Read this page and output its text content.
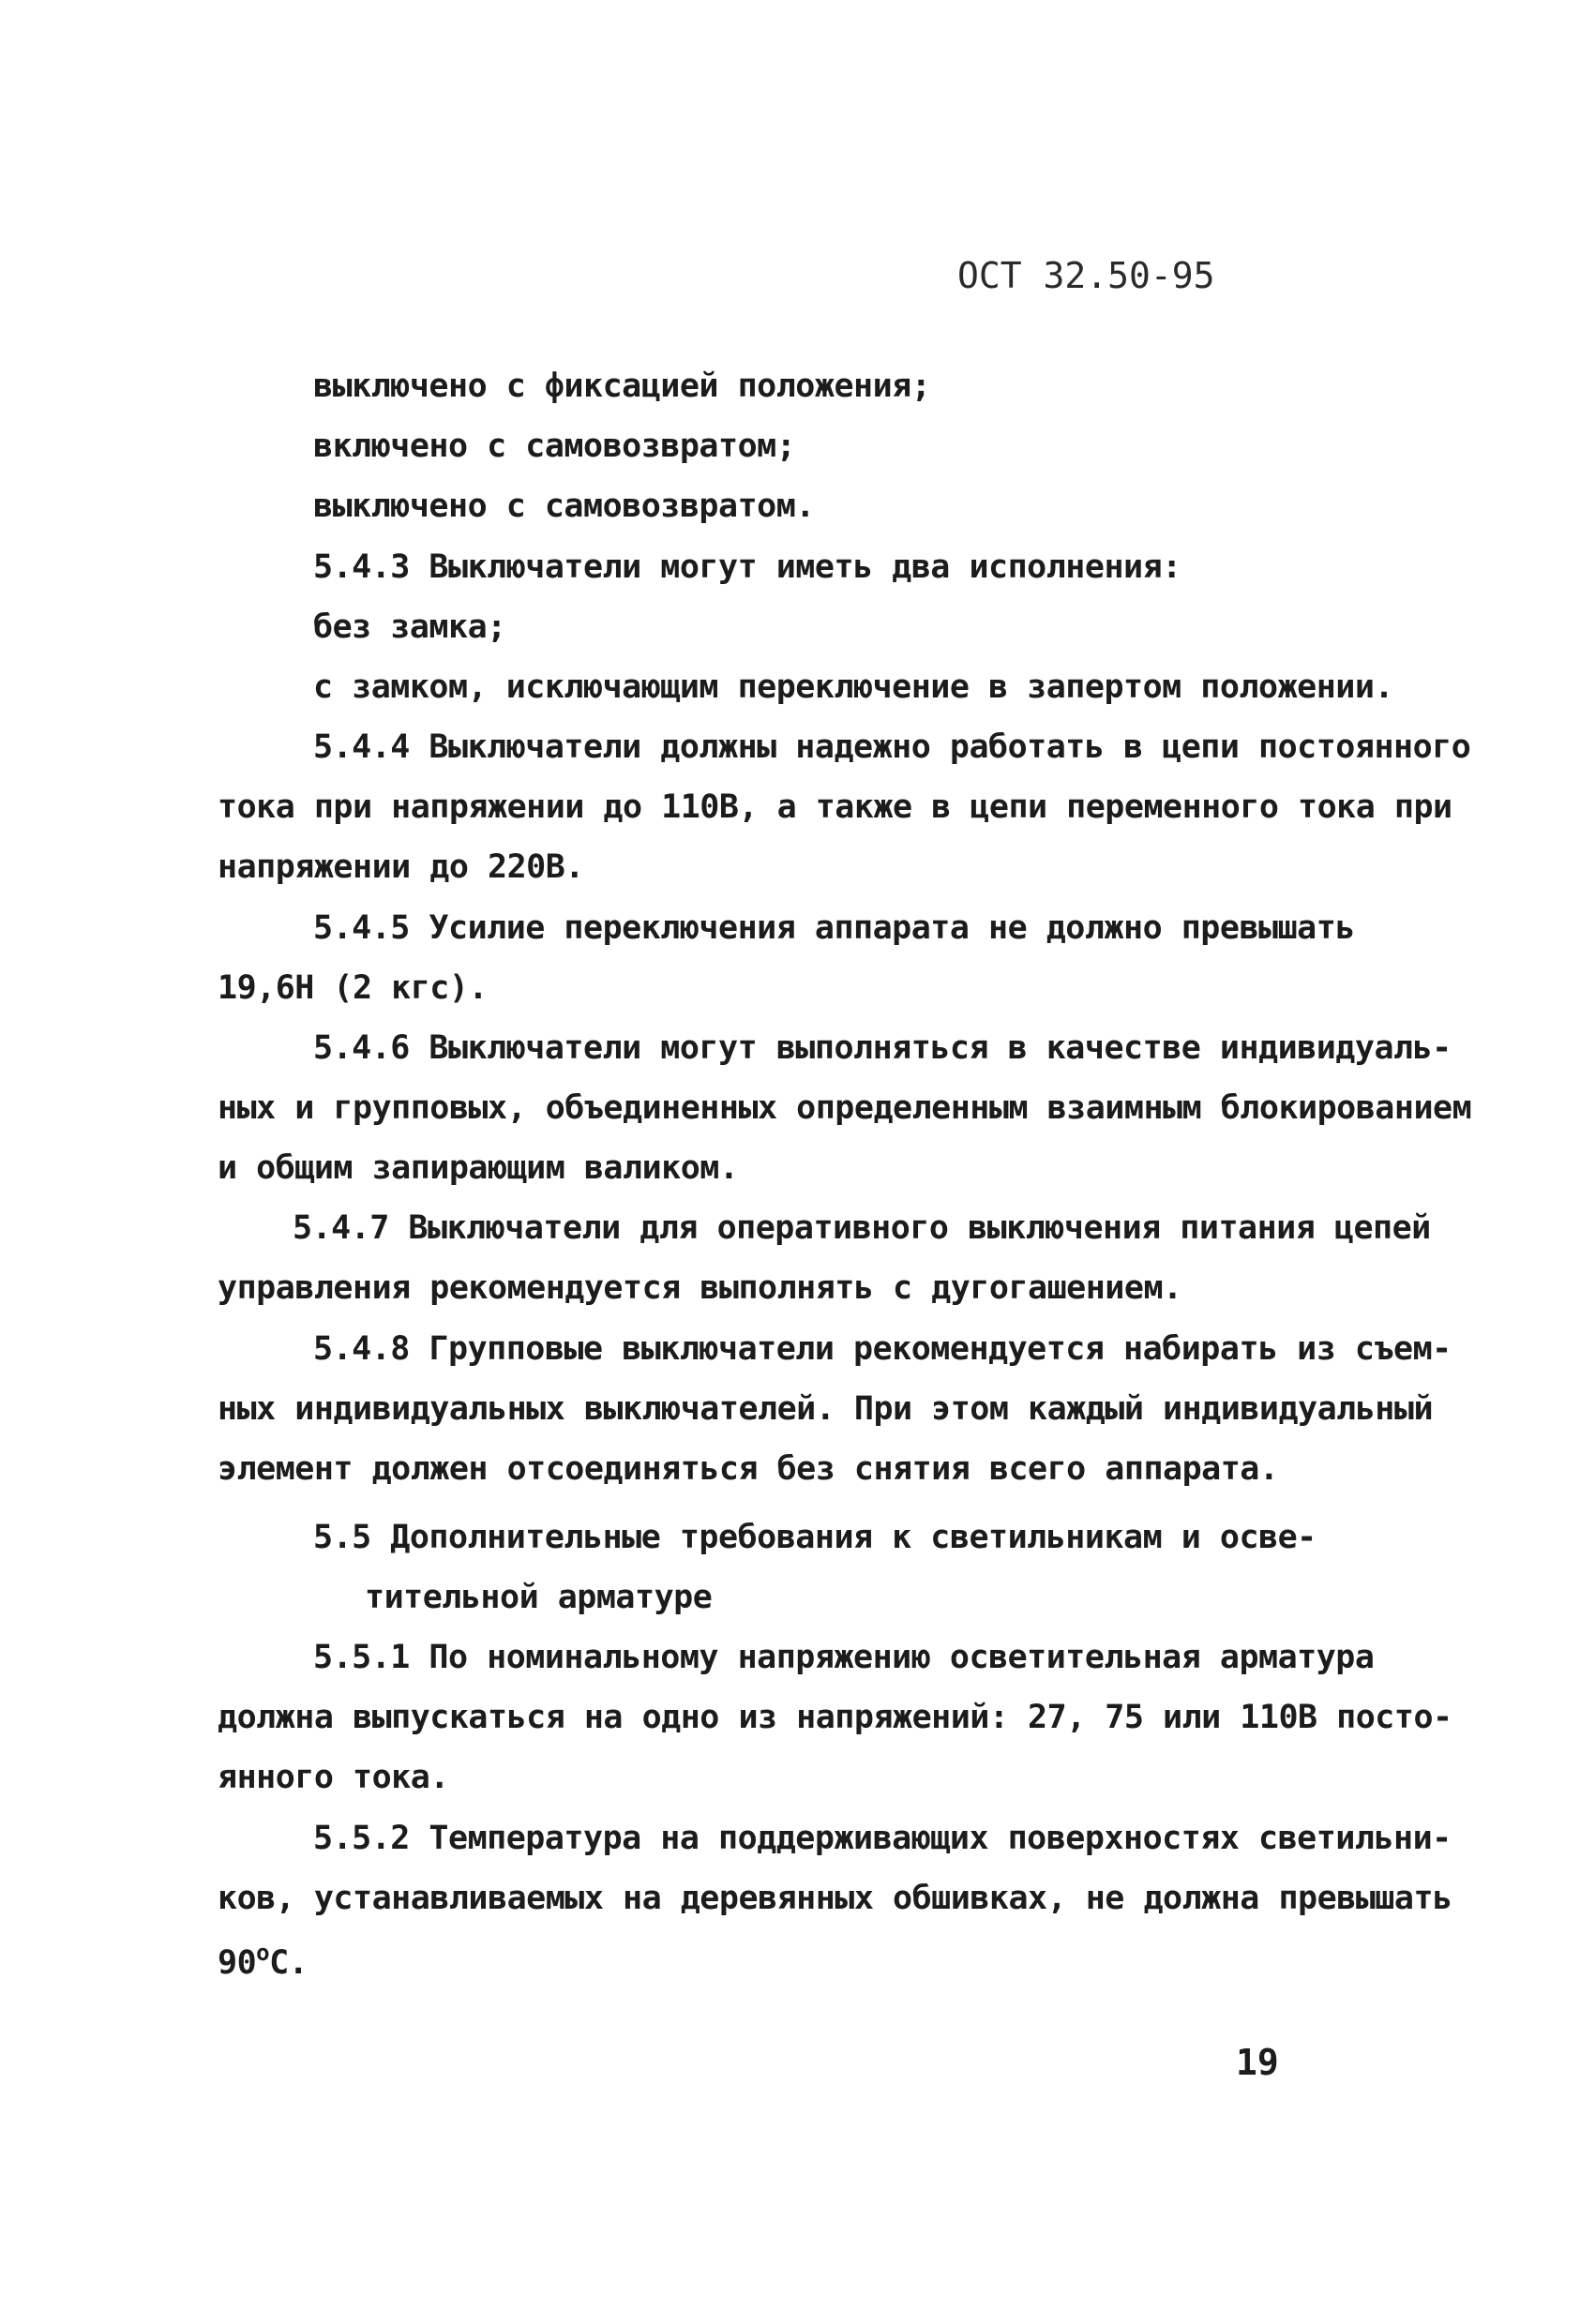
ОСТ 32.50-95
выключено с фиксацией положения;
включено с самовозвратом;
выключено с самовозвратом.
5.4.3 Выключатели могут иметь два исполнения:
без замка;
с замком, исключающим переключение в запертом положении.
5.4.4 Выключатели должны надежно работать в цепи постоянного
тока при напряжении до 110В, а также в цепи переменного тока при
напряжении до 220В.
5.4.5 Усилие переключения аппарата не должно превышать
19,6Н (2 кгс).
5.4.6 Выключатели могут выполняться в качестве индивидуаль-
ных и групповых, объединенных определенным взаимным блокированием
и общим запирающим валиком.
5.4.7 Выключатели для оперативного выключения питания цепей
управления рекомендуется выполнять с дугогашением.
5.4.8 Групповые выключатели рекомендуется набирать из съем-
ных индивидуальных выключателей. При этом каждый индивидуальный
элемент должен отсоединяться без снятия всего аппарата.
5.5 Дополнительные требования к светильникам и осве-
тительной арматуре
5.5.1 По номинальному напряжению осветительная арматура
должна выпускаться на одно из напряжений: 27, 75 или 110В посто-
янного тока.
5.5.2 Температура на поддерживающих поверхностях светильни-
ков, устанавливаемых на деревянных обшивках, не должна превышать
$90^оС$.
19
